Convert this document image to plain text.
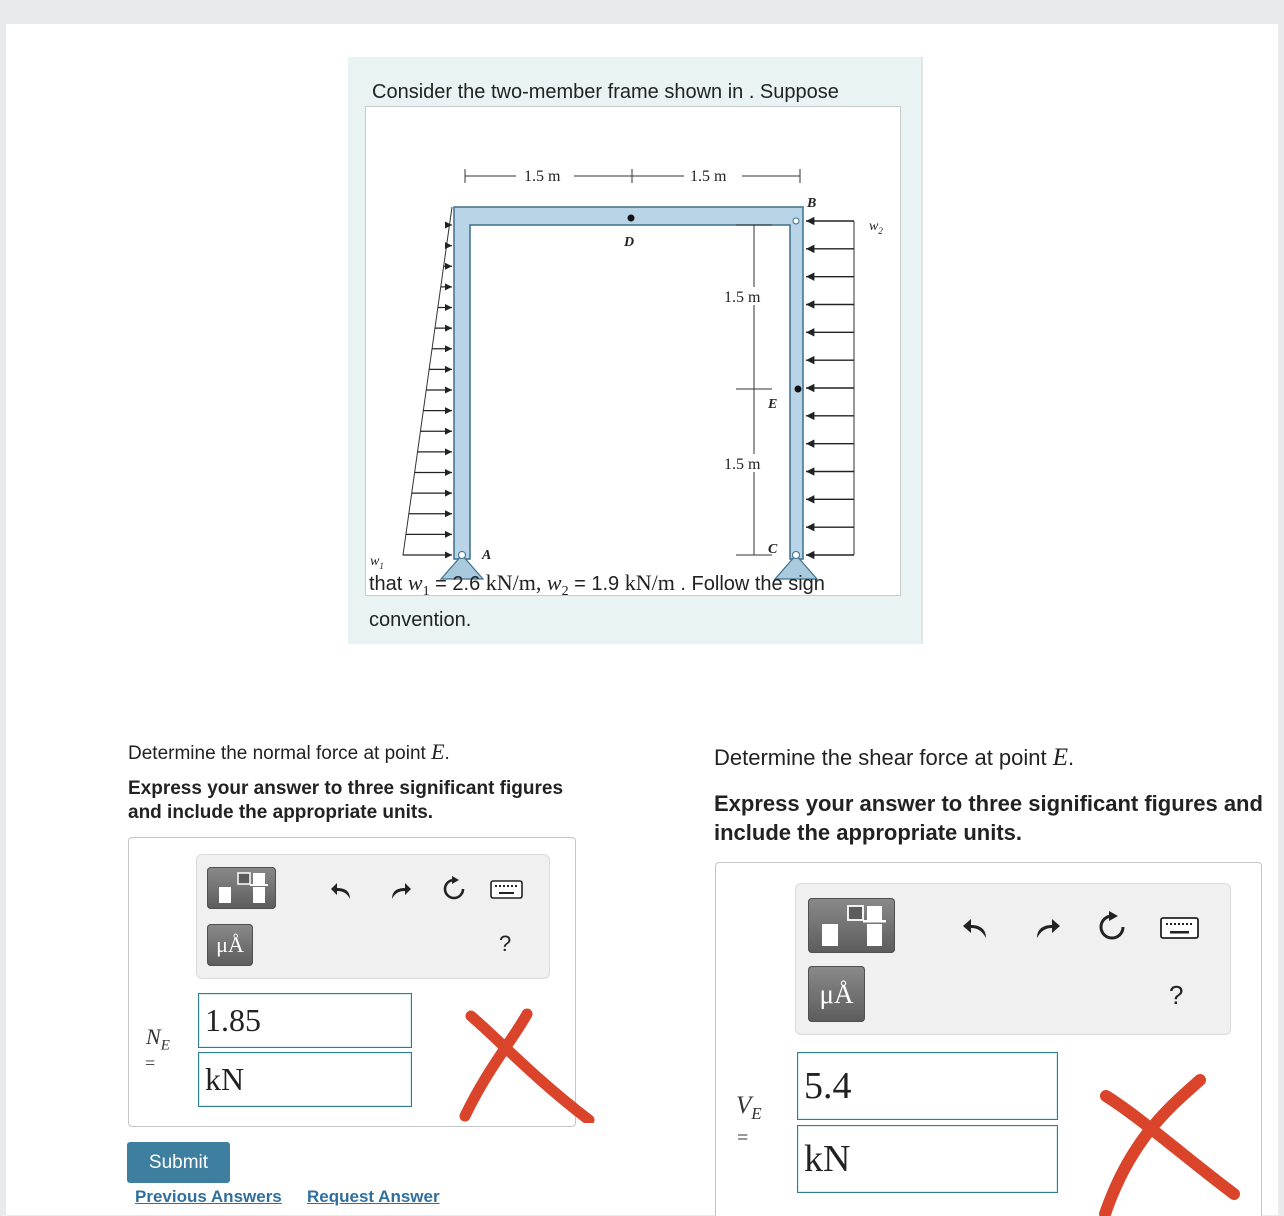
Consider the two-member frame shown in . Suppose
1.5 m	1.5 m
1.5 m
1.5 m
B
D
E
C
A
$w_1$
$w_2$
that $w_1 = 2.6$ kN/m, $w_2 = 1.9$ kN/m . Follow the sign convention.
Determine the normal force at point E.
Express your answer to three significant figures and include the appropriate units.
μÅ	?
$N_E$
=
1.85
kN
Submit
Previous Answers Request Answer
Determine the shear force at point E.
Express your answer to three significant figures and include the appropriate units.
μÅ	?
$V_E$
=
5.4
kN
